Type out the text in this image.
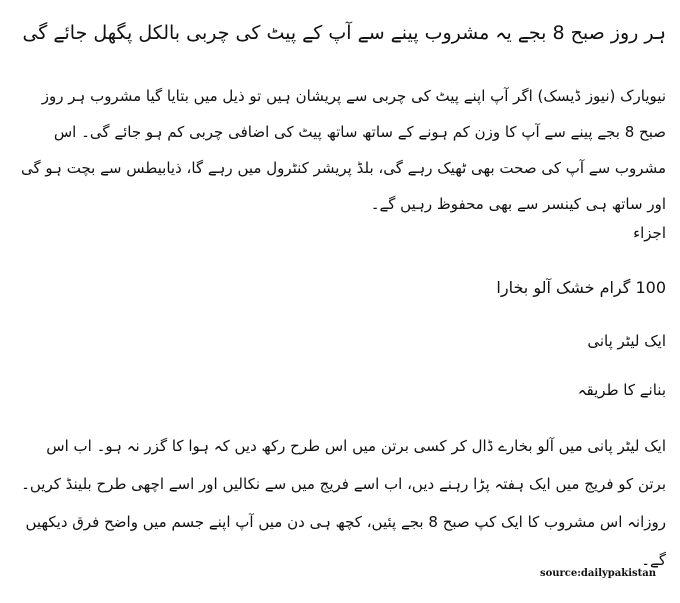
ہر روز صبح 8 بجے یہ مشروب پینے سے آپ کے پیٹ کی چربی بالکل پگھل جائے گی

نیویارک (نیوز ڈیسک) اگر آپ اپنے پیٹ کی چربی سے پریشان ہیں تو ذیل میں بتایا گیا مشروب ہر روز صبح 8 بجے پینے سے آپ کا وزن کم ہونے کے ساتھ ساتھ پیٹ کی اضافی چربی کم ہو جائے گی۔ اس مشروب سے آپ کی صحت بھی ٹھیک رہے گی، بلڈ پریشر کنٹرول میں رہے گا، ذیابیطس سے بچت ہو گی اور ساتھ ہی کینسر سے بھی محفوظ رہیں گے۔

اجزاء

100 گرام خشک آلو بخارا

ایک لیٹر پانی

بنانے کا طریقہ

ایک لیٹر پانی میں آلو بخارے ڈال کر کسی برتن میں اس طرح رکھ دیں کہ ہوا کا گزر نہ ہو۔ اب اس برتن کو فریج میں ایک ہفتہ پڑا رہنے دیں، اب اسے فریج میں سے نکالیں اور اسے اچھی طرح بلینڈ کریں۔ روزانہ اس مشروب کا ایک کپ صبح 8 بجے پئیں، کچھ ہی دن میں آپ اپنے جسم میں واضح فرق دیکھیں گے۔

source:dailypakistan
